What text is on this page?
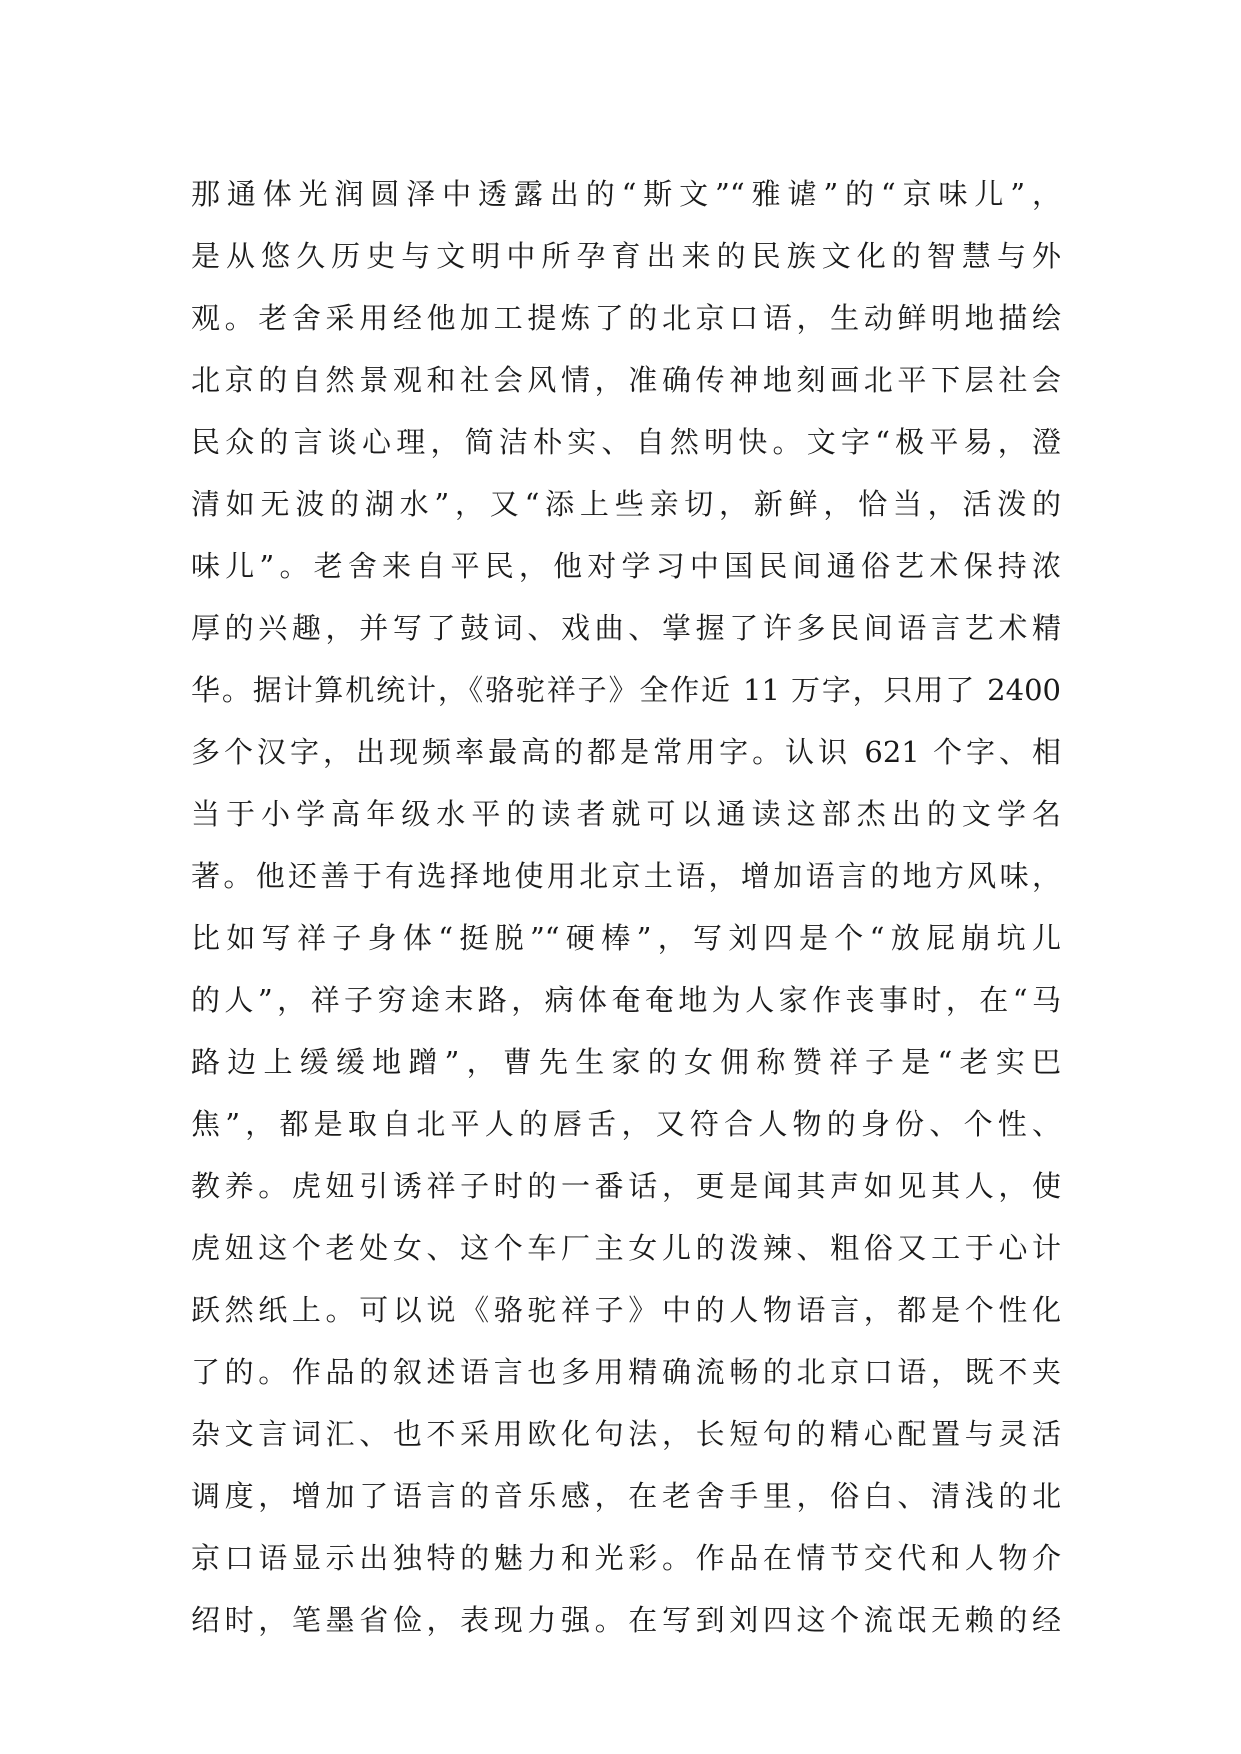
那通体光润圆泽中透露出的“斯文”“雅谑”的“京味儿”，
是从悠久历史与文明中所孕育出来的民族文化的智慧与外
观。老舍采用经他加工提炼了的北京口语，生动鲜明地描绘
北京的自然景观和社会风情，准确传神地刻画北平下层社会
民众的言谈心理，简洁朴实、自然明快。文字“极平易，澄
清如无波的湖水”，又“添上些亲切，新鲜，恰当，活泼的
味儿”。老舍来自平民，他对学习中国民间通俗艺术保持浓
厚的兴趣，并写了鼓词、戏曲、掌握了许多民间语言艺术精
华。据计算机统计，《骆驼祥子》全作近 11 万字，只用了 2400
多个汉字，出现频率最高的都是常用字。认识 621 个字、相
当于小学高年级水平的读者就可以通读这部杰出的文学名
著。他还善于有选择地使用北京土语，增加语言的地方风味，
比如写祥子身体“挺脱”“硬棒”，写刘四是个“放屁崩坑儿
的人”，祥子穷途末路，病体奄奄地为人家作丧事时，在“马
路边上缓缓地蹭”，曹先生家的女佣称赞祥子是“老实巴
焦”，都是取自北平人的唇舌，又符合人物的身份、个性、
教养。虎妞引诱祥子时的一番话，更是闻其声如见其人，使
虎妞这个老处女、这个车厂主女儿的泼辣、粗俗又工于心计
跃然纸上。可以说《骆驼祥子》中的人物语言，都是个性化
了的。作品的叙述语言也多用精确流畅的北京口语，既不夹
杂文言词汇、也不采用欧化句法，长短句的精心配置与灵活
调度，增加了语言的音乐感，在老舍手里，俗白、清浅的北
京口语显示出独特的魅力和光彩。作品在情节交代和人物介
绍时，笔墨省俭，表现力强。在写到刘四这个流氓无赖的经
